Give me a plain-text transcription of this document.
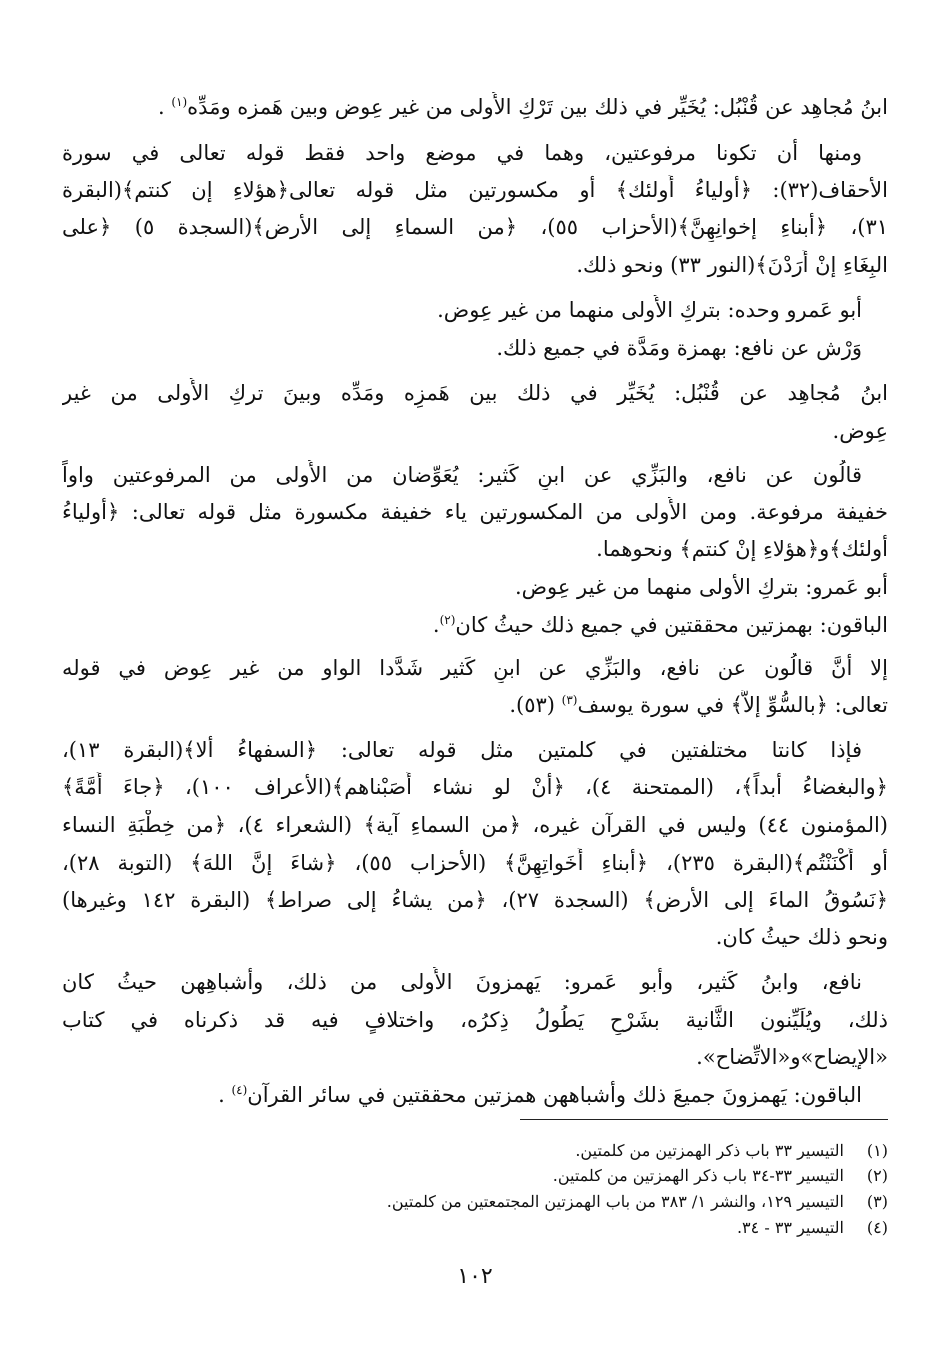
ابنُ مُجاهِد عن قُنْبُل: يُخَيِّر في ذلك بين تَرْكِ الأُولى من غير عِوض وبين هَمزه ومَدِّه$^{(١)}$ .
ومنها أن تكونا مرفوعتين، وهما في موضع واحد فقط قوله تعالى في سورة
الأحقاف(٣٢): ﴿أولياءُ أُولئك﴾ أو مكسورتين مثل قوله تعالى﴿هؤلاءِ إن كنتم﴾(البقرة
٣١)، ﴿أبناءِ إخوانِهِنَّ﴾(الأحزاب ٥٥)، ﴿من السماءِ إلى الأرض﴾(السجدة ٥) ﴿على
البِغَاءِ إنْ أَرَدْنَ﴾(النور ٣٣) ونحو ذلك.
أبو عَمرو وحده: بتركِ الأُولى منهما من غير عِوض.
وَرْش عن نافع: بهمزة ومَدَّة في جميع ذلك.
ابنُ مُجاهِد عن قُنْبُل: يُخَيِّر في ذلك بين هَمزِه ومَدِّه وبينَ تركِ الأُولى من غير
عِوض.
قالُون عن نافع، والبَزِّي عن ابنِ كَثير: يُعَوِّضان من الأُولى من المرفوعتين واواً
خفيفة مرفوعة. ومن الأُولى من المكسورتين ياء خفيفة مكسورة مثل قوله تعالى: ﴿أولياءُ
أولئك﴾و﴿هؤلاءِ إنْ كنتم﴾ ونحوهما.
أبو عَمرو: بتركِ الأولى منهما من غير عِوض.
الباقون: بهمزتين محققتين في جميع ذلك حيثُ كان$^{(٢)}$.
إلا أنَّ قالُون عن نافع، والبَزِّي عن ابنِ كَثير شَدَّدا الواو من غير عِوض في قوله
تعالى: ﴿بالسُّوِّ إلاَّ﴾ في سورة يوسف$^{(٣)}$ (٥٣).
فإذا كانتا مختلفتين في كلمتين مثل قوله تعالى: ﴿السفهاءُ ألا﴾(البقرة ١٣)،
﴿والبغضاءُ أبداً﴾، (الممتحنة ٤)، ﴿أنْ لو نشاء أَصَبْناهم﴾(الأعراف ١٠٠)، ﴿جاءَ أُمَّةً﴾
(المؤمنون ٤٤) وليس في القرآن غيره، ﴿من السماءِ آية﴾ (الشعراء ٤)، ﴿من خِطْبَةِ النساء
أو أَكْنَنْتُم﴾(البقرة ٢٣٥)، ﴿أبناءِ أَخَواتِهِنَّ﴾ (الأحزاب ٥٥)، ﴿شاءَ إنَّ اللهَ﴾ (التوبة ٢٨)،
﴿نَسُوقُ الماءَ إلى الأرض﴾ (السجدة ٢٧)، ﴿من يشاءُ إلى صراط﴾ (البقرة ١٤٢ وغيرها)
ونحو ذلك حيثُ كان.
نافع، وابنُ كَثير، وأبو عَمرو: يَهمزونَ الأُولى من ذلك، وأشباهِهن حيثُ كان
ذلك، ويُلَيِّنون الثَّانية بشَرْحٍ يَطُولُ ذِكرُه، واختلافٍ فيه قد ذكرناه في كتاب
«الإيضاح»و«الاتِّضاح».
الباقون: يَهمزونَ جميعَ ذلك وأشباههن همزتين محققتين في سائر القرآن$^{(٤)}$ .
(١)التيسير ٣٣ باب ذكر الهمزتين من كلمتين.
(٢)التيسير ٣٣-٣٤ باب ذكر الهمزتين من كلمتين.
(٣)التيسير ١٢٩، والنشر ١/ ٣٨٣ من باب الهمزتين المجتمعتين من كلمتين.
(٤)التيسير ٣٣ - ٣٤.
١٠٢
